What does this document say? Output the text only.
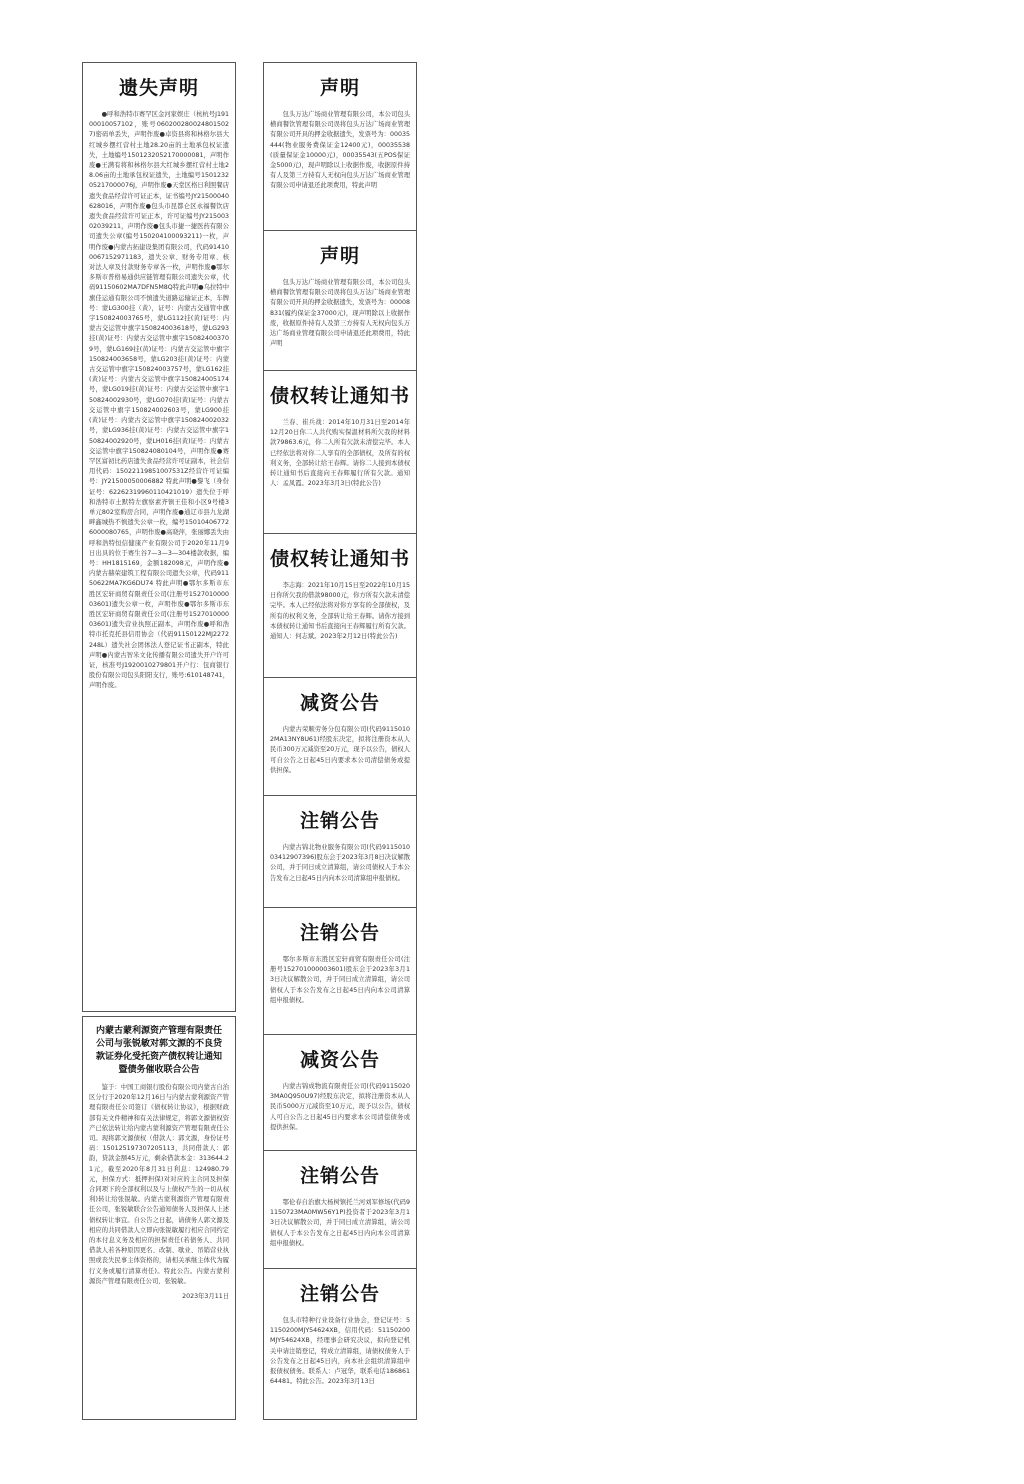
遗失声明
●呼和浩特市赛罕区金河家娱庄（杭杭号J19100010057102，账号0602002800248015027)密码单丢失，声明作废●卓资县将和林格尔县大红城乡摆红营村土地28.20亩的土地承包权证遗失，土地编号1501232052170000081，声明作废●王满有将和林格尔县大红城乡摆红营村土地28.06亩的土地承包权证遗失，土地编号150123205217000076J，声明作废●天堂区格日利照餐店遗失食品经营许可证正本，证书编号JY21500040628016，声明作废●包头市昆都仑区永福餐饮店遗失食品经营许可证正本，许可证编号JY21500302039211，声明作废●包头市捷一捷医药有限公司遗失公章(编号150204100093211)一枚，声明作废●内蒙古拓建设集团有限公司，代码914100067152971183，遗失公章、财务专用章、核对法人章及付款财务专章各一枚，声明作废●鄂尔多斯市普格易通供应链管理有限公司遗失公章，代码91150602MA7DFN5M8Q特此声明●乌拉特中旗佳运通有限公司不慎遗失道路运输证正本，车牌号：蒙LG300挂（黄），证号：内蒙古交通管中旗字150824003765号，蒙LG112挂(黄)证号：内蒙古交运管中旗字150824003618号，蒙LG293挂(黄)证号：内蒙古交运管中旗字150824003709号，蒙LG169挂(黄)证号：内蒙古交运管中旗字150824003658号，蒙LG203挂(黄)证号：内蒙古交运管中旗字150824003757号，蒙LG162挂(黄)证号：内蒙古交运管中旗字150824005174号，蒙LG019挂(黄)证号：内蒙古交运管中旗字150824002930号，蒙LG070挂(黄)证号：内蒙古交运管中旗字150824002603号，蒙LG900挂(黄)证号：内蒙古交运管中旗字150824002032号，蒙LG936挂(黄)证号：内蒙古交运管中旗字150824002920号，蒙LH016挂(黄)证号：内蒙古交运管中旗字150824080104号，声明作废●赛罕区富初比药店遗失食品经营许可证副本，社会信用代码：15022119851007531Z经营许可证编号：JY21500050006882 特此声明●黎飞（身份证号：62262319960110421019）遗失位于呼和浩特市土默特左旗察素齐镇王佳和小区9号楼3单元802室购房合同，声明作废●通辽市县九龙湖畔鑫城热不慎遗失公章一枚，编号150104067726000080765，声明作废●高晓萍，张丽娜丢失由呼和浩特恒信健康产业有限公司于2020年11月9日出具的位于赛生谷7—3—3—304楼款收据，编号：HH1815169，金额182098元，声明作废●内蒙古赫荣建筑工程有限公司遗失公章，代码91150622MA7KG6DU74 特此声明●鄂尔多斯市东胜区宏轩商贸有限责任公司(注册号152701000003601)遗失公章一枚，声明作废●鄂尔多斯市东胜区宏轩商贸有限责任公司(注册号152701000003601)遗失营业执照正副本，声明作废●呼和浩特市托克托县信用协会（代码91150122MJ2272248L）遗失社会团体法人登记证书正副本，特此声明●内蒙古智米文化传播有限公司遗失开户许可证，核准号J1920010279801开户行：包商银行股份有限公司包头阳阳支行，账号:610148741，声明作废。
内蒙古蒙利源资产管理有限责任公司与张锐敏对郭文源的不良贷款证券化受托资产债权转让通知暨债务催收联合公告
鉴于：中国工商银行股份有限公司内蒙古自治区分行于2020年12月16日与内蒙古蒙利源资产管理有限责任公司签订《债权转让协议》，根据财政部有关文件精神和有关法律规定，将郭文源债权资产已依法转让给内蒙古蒙利源资产管理有限责任公司。现将郭文源债权（借款人：郭文源，身份证号码：150125197307205113，共同借款人：郭韵，贷款金额45万元，剩余借款本金：313644.21元，截至2020年8月31日利息：124980.79元，担保方式：抵押担保)对对应的主合同及担保合同项下的全部权利以及与上债权产生的一切从权利)转让给张锐敏。内蒙古蒙利源资产管理有限责任公司，张锐敏联合公告通知债务人及担保人上述债权转让事宜。自公告之日起，请债务人郭文源及相应的共同借款人立即向张锐敏履行相应合同约定的本付息义务及相应的担保责任(若债务人、共同借款人若各种原因更名、改制、歇业、吊销营业执照或丧失民事主体资格的，请相关承继主体代为履行义务或履行清算责任)。特此公告。内蒙古蒙利源资产管理有限责任公司、张锐敏。
2023年3月11日
声明
包头万达广场商业管理有限公司，本公司包头横商餐饮管理有限公司误将包头万达广场商业管理有限公司开具的押金收据遗失，发票号为：00035444(物业服务费保证金12400元)，00035538(质量保证金10000元)，00035543(五POS保证金5000元)，现声明除以上收据作废，收据原件持有人及第三方持有人无权向包头万达广场商业管理有限公司申请退还此项费用，特此声明
声明
包头万达广场商业管理有限公司，本公司包头横商餐饮管理有限公司误将包头万达广场商业管理有限公司开具的押金收据遗失，发票号为：00008831(履约保证金37000元)，现声明除以上收据作废，收据原件持有人及第三方持有人无权向包头万达广场商业管理有限公司申请退还此项费用，特此声明
债权转让通知书
兰春、崔兵战：2014年10月31日至2014年12月20日你二人共代购实保温材料所欠我的材料款79863.6元，你二人所有欠款未清偿完毕。本人已经依法将对你二人享有的全部债权，及所有的权利义务，全部转让给王春辉。请你二人接到本债权转让通知书后直接向王春辉履行所有欠款。通知人：孟凤霞。2023年3月3日(特此公告)
债权转让通知书
李志海：2021年10月15日至2022年10月15日你所欠我的借款98000元，你方所有欠款未清偿完毕。本人已经依法将对你方享有的全部债权，及所有的权利义务，全部转让给王春辉。请你方接到本债权转让通知书后直接向王春辉履行所有欠款。通知人：何志斌。2023年2月12日(特此公告)
减资公告
内蒙古荣顺劳务分包有限公司(代码91150102MA13NY8U61)经股东决定，拟将注册资本从人民币300万元减资至20万元，现予以公告，债权人可自公告之日起45日内要求本公司清偿债务或提供担保。
注销公告
内蒙古锦北物业服务有限公司(代码911501003412907396)股东会于2023年3月8日决议解散公司，并于同日成立清算组，请公司债权人于本公告发布之日起45日内向本公司清算组申报债权。
注销公告
鄂尔多斯市东胜区宏轩商贸有限责任公司(注册号152701000003601)股东会于2023年3月13日决议解散公司，并于同日成立清算组，请公司债权人于本公告发布之日起45日内向本公司清算组申报债权。
减资公告
内蒙古锦成物流有限责任公司(代码91150203MA0Q950U97)经股东决定，拟将注册资本从人民币5000万元减资至10万元，现予以公告，债权人可自公告之日起45日内要求本公司清偿债务或提供担保。
注销公告
鄂伦春自治旗大杨树镇托兰河刘军修场(代码91150723MA0MW56Y1P)投资者于2023年3月13日决议解散公司，并于同日成立清算组，请公司债权人于本公告发布之日起45日内向本公司清算组申报债权。
注销公告
包头市特种行业设备行业协会，登记证号：51150200MJY54624XB，信用代码：51150200MJY54624XB，经理事会研究决议，拟向登记机关申请注销登记，特成立清算组，请债权债务人于公告发布之日起45日内，向本社会组织清算组申报债权债务。联系人：卢冠华，联系电话18686164481。特此公告。2023年3月13日
